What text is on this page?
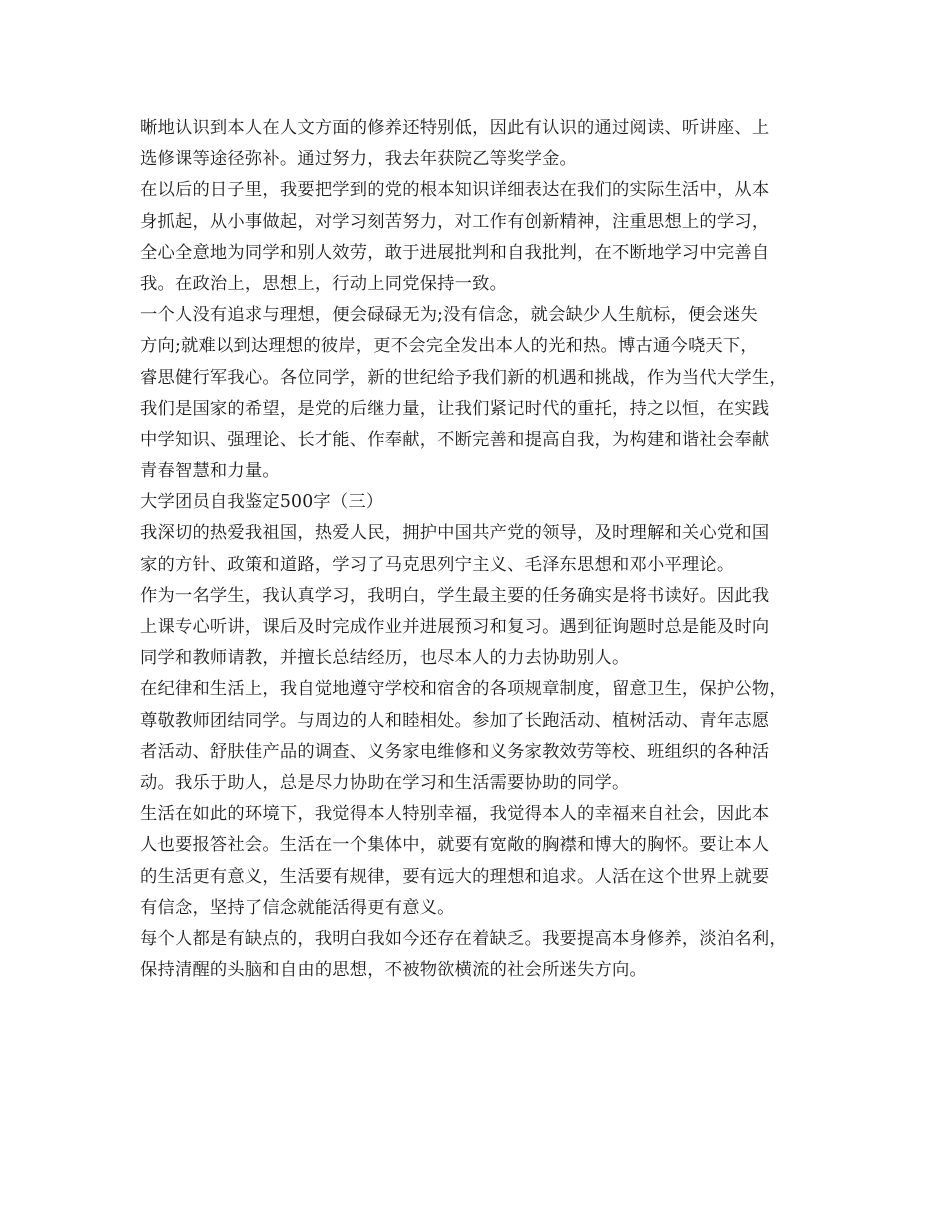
晰地认识到本人在人文方面的修养还特别低，因此有认识的通过阅读、听讲座、上
选修课等途径弥补。通过努力，我去年获院乙等奖学金。
在以后的日子里，我要把学到的党的根本知识详细表达在我们的实际生活中，从本
身抓起，从小事做起，对学习刻苦努力，对工作有创新精神，注重思想上的学习，
全心全意地为同学和别人效劳，敢于进展批判和自我批判，在不断地学习中完善自
我。在政治上，思想上，行动上同党保持一致。
一个人没有追求与理想，便会碌碌无为;没有信念，就会缺少人生航标，便会迷失
方向;就难以到达理想的彼岸，更不会完全发出本人的光和热。博古通今哓天下，
睿思健行军我心。各位同学，新的世纪给予我们新的机遇和挑战，作为当代大学生，
我们是国家的希望，是党的后继力量，让我们紧记时代的重托，持之以恒，在实践
中学知识、强理论、长才能、作奉献，不断完善和提高自我，为构建和谐社会奉献
青春智慧和力量。
大学团员自我鉴定500字（三）
我深切的热爱我祖国，热爱人民，拥护中国共产党的领导，及时理解和关心党和国
家的方针、政策和道路，学习了马克思列宁主义、毛泽东思想和邓小平理论。
作为一名学生，我认真学习，我明白，学生最主要的任务确实是将书读好。因此我
上课专心听讲，课后及时完成作业并进展预习和复习。遇到征询题时总是能及时向
同学和教师请教，并擅长总结经历，也尽本人的力去协助别人。
在纪律和生活上，我自觉地遵守学校和宿舍的各项规章制度，留意卫生，保护公物，
尊敬教师团结同学。与周边的人和睦相处。参加了长跑活动、植树活动、青年志愿
者活动、舒肤佳产品的调查、义务家电维修和义务家教效劳等校、班组织的各种活
动。我乐于助人，总是尽力协助在学习和生活需要协助的同学。
生活在如此的环境下，我觉得本人特别幸福，我觉得本人的幸福来自社会，因此本
人也要报答社会。生活在一个集体中，就要有宽敞的胸襟和博大的胸怀。要让本人
的生活更有意义，生活要有规律，要有远大的理想和追求。人活在这个世界上就要
有信念，坚持了信念就能活得更有意义。
每个人都是有缺点的，我明白我如今还存在着缺乏。我要提高本身修养，淡泊名利，
保持清醒的头脑和自由的思想，不被物欲横流的社会所迷失方向。
